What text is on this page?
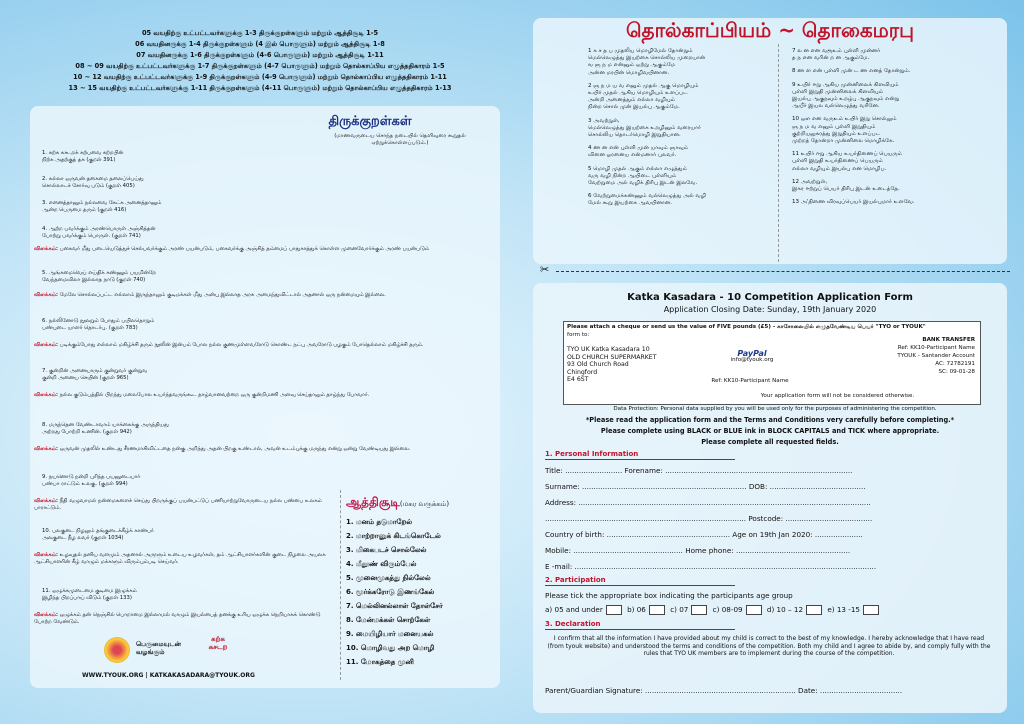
05 வயதிற்கு உட்பட்டவர்களுக்கு 1-3 திருக்குறள்களும் மற்றும் ஆத்திசூடி 1-5
06 வயதினருக்கு 1-4 திருக்குறள்களும் (4 இல் பொருளும்) மற்றும் ஆத்திசூடி 1-8
07 வயதினருக்கு 1-6 திருக்குறள்களும் (4-6 பொருளும்) மற்றும் ஆத்திசூடி 1-11
08 ~ 09 வயதிற்கு உட்பட்டவர்களுக்கு 1-7 திருக்குறள்களும் (4-7 பொருளும்) மற்றும் தொல்காப்பிய எழுத்ததிகாரம் 1-5
10 ~ 12 வயதிற்கு உட்பட்டவர்களுக்கு 1-9 திருக்குறள்களும் (4-9 பொருளும்) மற்றும் தொல்காப்பிய எழுத்ததிகாரம் 1-11
13 ~ 15 வயதிற்கு உட்பட்டவர்களுக்கு 1-11 திருக்குறள்களும் (4-11 பொருளும்) மற்றும் தொல்காப்பிய எழுத்ததிகாரம் 1-13
திருக்குறள்கள்
(மாணவருடைய சொந்த நடையில் தெளிவுரை கூறுதல் ஏற்றுக்கொள்ளப்படும்.)
1. கற்க கசடறக் கற்பவை கற்றபின்
நிற்க அதற்குத் தக (குறள் 391)
2. கல்லா ஒருவன் தகைமை தலைப்பெய்து
சொல்லாடச் சோர்வு படும் (குறள் 405)
3. எனைத்தானும் நல்லவை கேட்க அனைத்தானும்
ஆன்ற பெருமை தரும் (குறள் 416)
4. ஆற்ற பவர்க்கும் அரண்பொருள் அஞ்சித்தன்
போற்று பவர்க்கும் பொருள். (குறள் 741)
விளக்கம்: பகைவர் மீது படையெடுத்துச் செல்பவர்க்கும் அரண் பயன்படும், பகைவர்க்கு அஞ்சித் தம்மைப் பாதுகாத்துக் கொள்ள முனைவோர்க்கும் அரண் பயன்படும்
5. ஆங்கமைவெய் எய்திக் கண்ணும் பயமின்றே
வேந்தமைவிலா இல்லாத நாடு (குறள் 740)
விளக்கம்: மேலே சொல்லப்பட்ட எல்லாம் இருந்தாலும் குடிமக்கள் மீது அன்பு இல்லாத அரசு அமைந்துவிட்டால் அதனால் ஒரு நன்மையும் இல்லை.
6. நல்லினோடு நூலறும் போதும் பயிலதொறும்
பண்புடை யாளர் தொடர்பு. (குறள் 783)
விளக்கம்: படிக்கும்போது எல்லாம் மகிழ்ச்சி தரும் நூலின் இன்பம் போல நல்ல குணமுள்ளவரோடு கொண்ட நட்பு அவரோடு பழகும் போதெல்லாம் மகிழ்ச்சி தரும்.
7. குன்றின் அனையாரும் குன்றுவர் குன்றுவ
குன்றி அனைய செயின் (குறள் 965)
விளக்கம்: நல்ல குடும்பத்தில் பிறந்து மலைபோல உயர்ந்தவருங்கூட தாழ்வானவற்றை ஒரு குன்றிமணி அளவு செய்தாலும் தாழ்ந்து போவார்.
8. மருந்தென வேண்டாவாம் யாக்கைக்கு அருந்தியது
அற்றது போற்றி உணின். (குறள் 942)
விளக்கம்: ஒருவன் முதலில் உண்டது சீரணமாகிவிட்டதை நன்கு அறிந்து அதன் பிறகு உண்டால், அவன் உடம்புக்கு மருந்து என்று ஒன்று வேண்டியது இல்லை.
9. நயனொடு நன்றி புரிந்த பயனுடையார்
பண்பா ராட்டும் உலகு. (குறள் 994)
விளக்கம்: நீதி வழுவாமல் நன்மைகளைச் செய்து பிறருக்குப் பயன்பட்டுப் பணியாற்றுவோருடைய நல்ல பண்பை உலகம் பாராட்டும்.
10. பலகுடை நிழலும் தங்குடைக்கீழ்க் காண்பர்
அலகுடை நீழ லவர் (குறள் 1034)
விளக்கம்: உழவுதல் தனிய வளமும் அதனால் அருளும் உடைய உழவர்கள், தம் ஆட்சியாளர்களின் குடை நிழலை அயலக ஆட்சியாளரின் கீழ் வாழும் மக்களும் விரும்பும்படி செய்வர்.
11. ஒழுக்கமுடைமை குடிமை இழுக்கம்
இழிந்த பிறப்பாய் விடும் (குறள் 133)
விளக்கம்: ஒழுக்கம் தன் நெஞ்சில் பொறாமை இல்லாமல் வாழும் இயல்பைத் தனக்கு உரிய ஒழுக்க நெறியாகக் கொண்டு போற்ற வேண்டும்.
ஆத்திசூடி(மகர வருக்கம்)
1. மனம் தடுமாறேல்
2. மாற்றானுக் கிடங்கொடேல்
3. மிகைபடச் சொல்லேல்
4. மீதூண் விரும்பேல்
5. முனைமுகத்து நில்லேல்
6. மூர்க்கரோடு இணங்கேல்
7. மெல்லினல்லாள் தோள்சேர்
8. மேன்மக்கள் சொற்கேள்
9. மையிழியார் மனையகல்
10. மொழிவது அற மொழி
11. மோகத்தை முனி
பெருமையுடன்
வழங்கும்
கற்க
கசடற
WWW.TYOUK.ORG | KATKAKASADARA@TYOUK.ORG
தொல்காப்பியம் ~ தொகைமரபு
1 க ச த ப முதலிய மொழிமேல் தோன்றும்
மெல்லெழுத்து இயற்கை சொல்லிய முறையான்
ங ஞ ந ம என்னும் ஒற்று ஆகும்மே
அன்ன மரபின் மொழிவயினான.
2 ஞ ந ம ய வ எனும் முதல் ஆகு மொழியும்
உயிர் முதல் ஆகிய மொழியும் உளப்பட
அன்றி அனைத்தும் எல்லா வழியும்
நின்ற சொல் முன் இயல்பு ஆகும்மே.
3 அவற்றுள்,
மெல்லெழுத்து இயற்கை உறழினும் வரையார்
சொல்லிய தொடர்மொழி இறுதியான.
4 ண ன என் புள்ளி முன் யாவும் ஞாவும்
வினை ஓரனைய என்மனார் புலவர்.
5 மொழி முதல் ஆகும் எல்லா எழுத்தும்
வரு வழி நின்ற ஆயிடை புள்ளியும்
வேற்றுமை அல் வழிக் திரிபு இடன் இலவே.
6 வேற்றுமைக்கண்ணும் வல்லெழுத்து அல் வழி
மேல் கூறு இயற்கை ஆவயினான.
7 ல ன என வரூஉம் புள்ளி முன்னர்
த ந என வரின் ற ன ஆகும்மே.
8 ண ள என் புள்ளி முன் ட ண எனத் தோன்றும்.
9 உயிர் ஈறு ஆகிய முன்னிலைக் கிளவியும்
புள்ளி இறுதி முன்னிலைக் கிளவியும்
இயல்பு ஆகுநவும் உறழ்பு ஆகுநவும் என்று
ஆயீர் இயல வல்லெழுத்து வரினே.
10 ஔ என வருஉம் உயிர் இறு சொல்லும்
ஞ ந ம வ எனும் புள்ளி இறுதியும்
குற்றியலுகரத்து இறுதியும் உளப்பட
முற்றத் தோன்றா முன்னிலை மொழிக்கே.
11 உயிர் ஈறு ஆகிய உயர்திணைப் பெயரும்
புள்ளி இறுதி உயர்திணைப் பெயரும்
எல்லா வழியும் இயல்பு என மொழிப.
12 அவற்றுள்,
இகர ஈற்றுப் பெயர் திரிபு இடன் உடைத்தே.
13 அ'திணை விரவுப்பெயர் இயல்புமார் உளவே.
✂
Katka Kasadara - 10 Competition Application Form
Application Closing Date: Sunday, 19th January 2020
Please attach a cheque or send us the value of FIVE pounds (£5) - காசோலையில் எழுதவேண்டிய பெயர் "TYO or TYOUK"
form to:
TYO UK Katka Kasadara 10
OLD CHURCH SUPERMARKET
93 Old Church Road
Chingford
E4 6ST
PayPal
info@tyouk.org
Ref: KK10-Participant Name
BANK TRANSFER
Ref: KK10-Participant Name
TYOUK - Santander Account
AC: 72782191
SC: 09-01-28
Your application form will not be considered otherwise.
Data Protection: Personal data supplied by you will be used only for the purposes of administering the competition.
*Please read the application form and the Terms and Conditions very carefully before completing.*
Please complete using BLACK or BLUE ink in BLOCK CAPITALS and TICK where appropriate.
Please complete all requested fields.
1. Personal Information
Title: ......................... Forename: ..................................................................................
Surname: ........................................................................ DOB: ..........................................
Address: ................................................................................................................................
........................................................................................ Postcode: ......................................
Country of birth: ...................................................... Age on 19th Jan 2020: .....................
Mobile: ................................................ Home phone: ..................................................
E -mail: ....................................................................................................................................
2. Participation
Please tick the appropriate box indicating the participants age group
a) 05 and under	b) 06	c) 07	c) 08-09	d) 10 – 12	e) 13 -15
3. Declaration
I confirm that all the information I have provided about my child is correct to the best of my knowledge. I hereby acknowledge that I have read (from tyouk website) and understood the terms and conditions of the competition. Both my child and I agree to abide by, and comply fully with the rules that TYO UK members are to implement during the course of the competition.
Parent/Guardian Signature: .................................................................. Date: ....................................
